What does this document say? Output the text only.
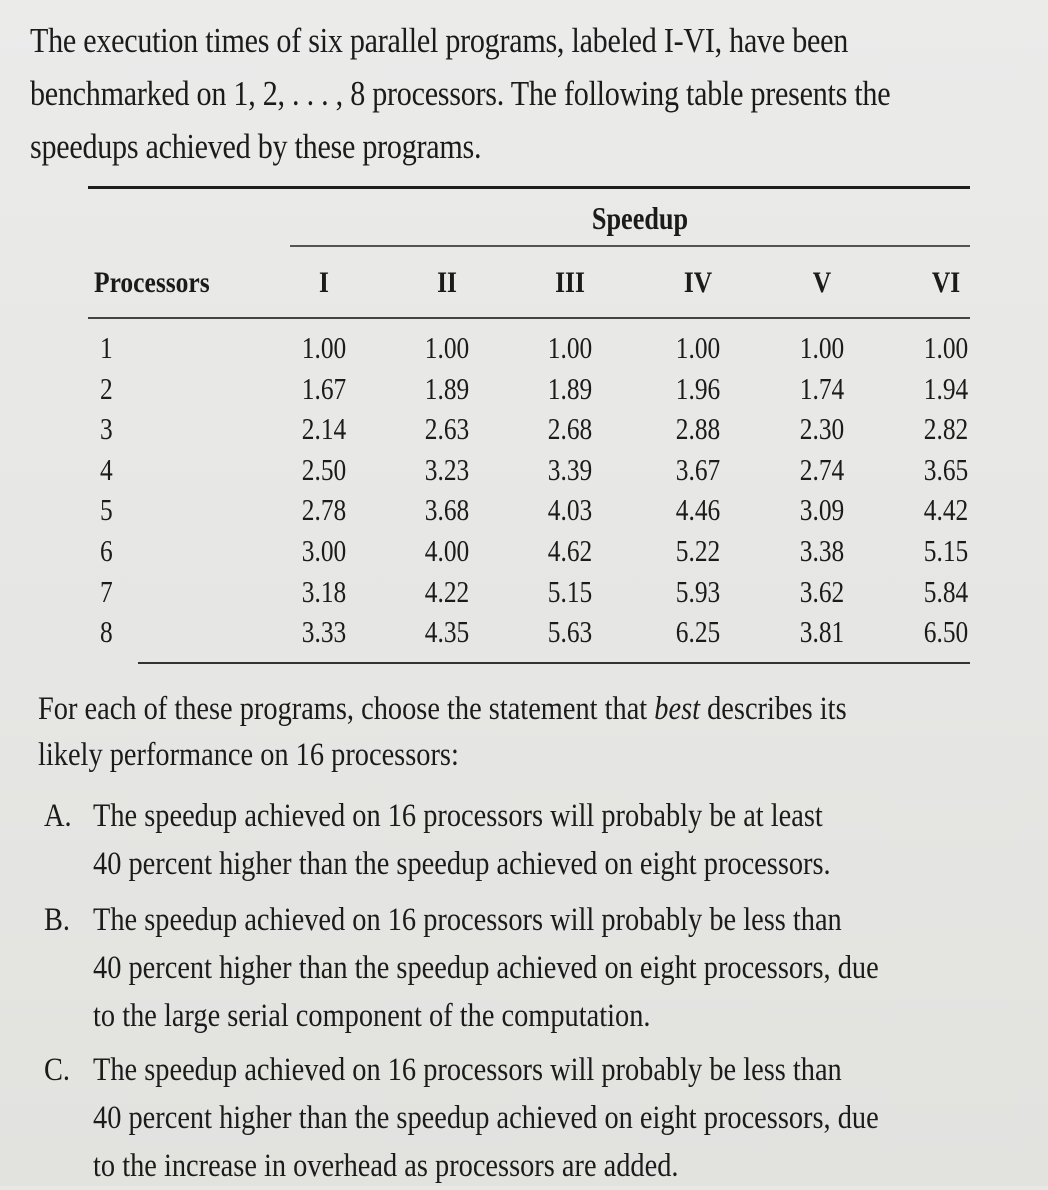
The execution times of six parallel programs, labeled I-VI, have been
benchmarked on 1, 2, . . . , 8 processors. The following table presents the
speedups achieved by these programs.
Speedup
Processors	I	II	III	IV	V	VI
1	1.00	1.00	1.00	1.00	1.00	1.00
2	1.67	1.89	1.89	1.96	1.74	1.94
3	2.14	2.63	2.68	2.88	2.30	2.82
4	2.50	3.23	3.39	3.67	2.74	3.65
5	2.78	3.68	4.03	4.46	3.09	4.42
6	3.00	4.00	4.62	5.22	3.38	5.15
7	3.18	4.22	5.15	5.93	3.62	5.84
8	3.33	4.35	5.63	6.25	3.81	6.50
For each of these programs, choose the statement that best describes its
likely performance on 16 processors:
A. The speedup achieved on 16 processors will probably be at least
40 percent higher than the speedup achieved on eight processors.
B. The speedup achieved on 16 processors will probably be less than
40 percent higher than the speedup achieved on eight processors, due
to the large serial component of the computation.
C. The speedup achieved on 16 processors will probably be less than
40 percent higher than the speedup achieved on eight processors, due
to the increase in overhead as processors are added.
